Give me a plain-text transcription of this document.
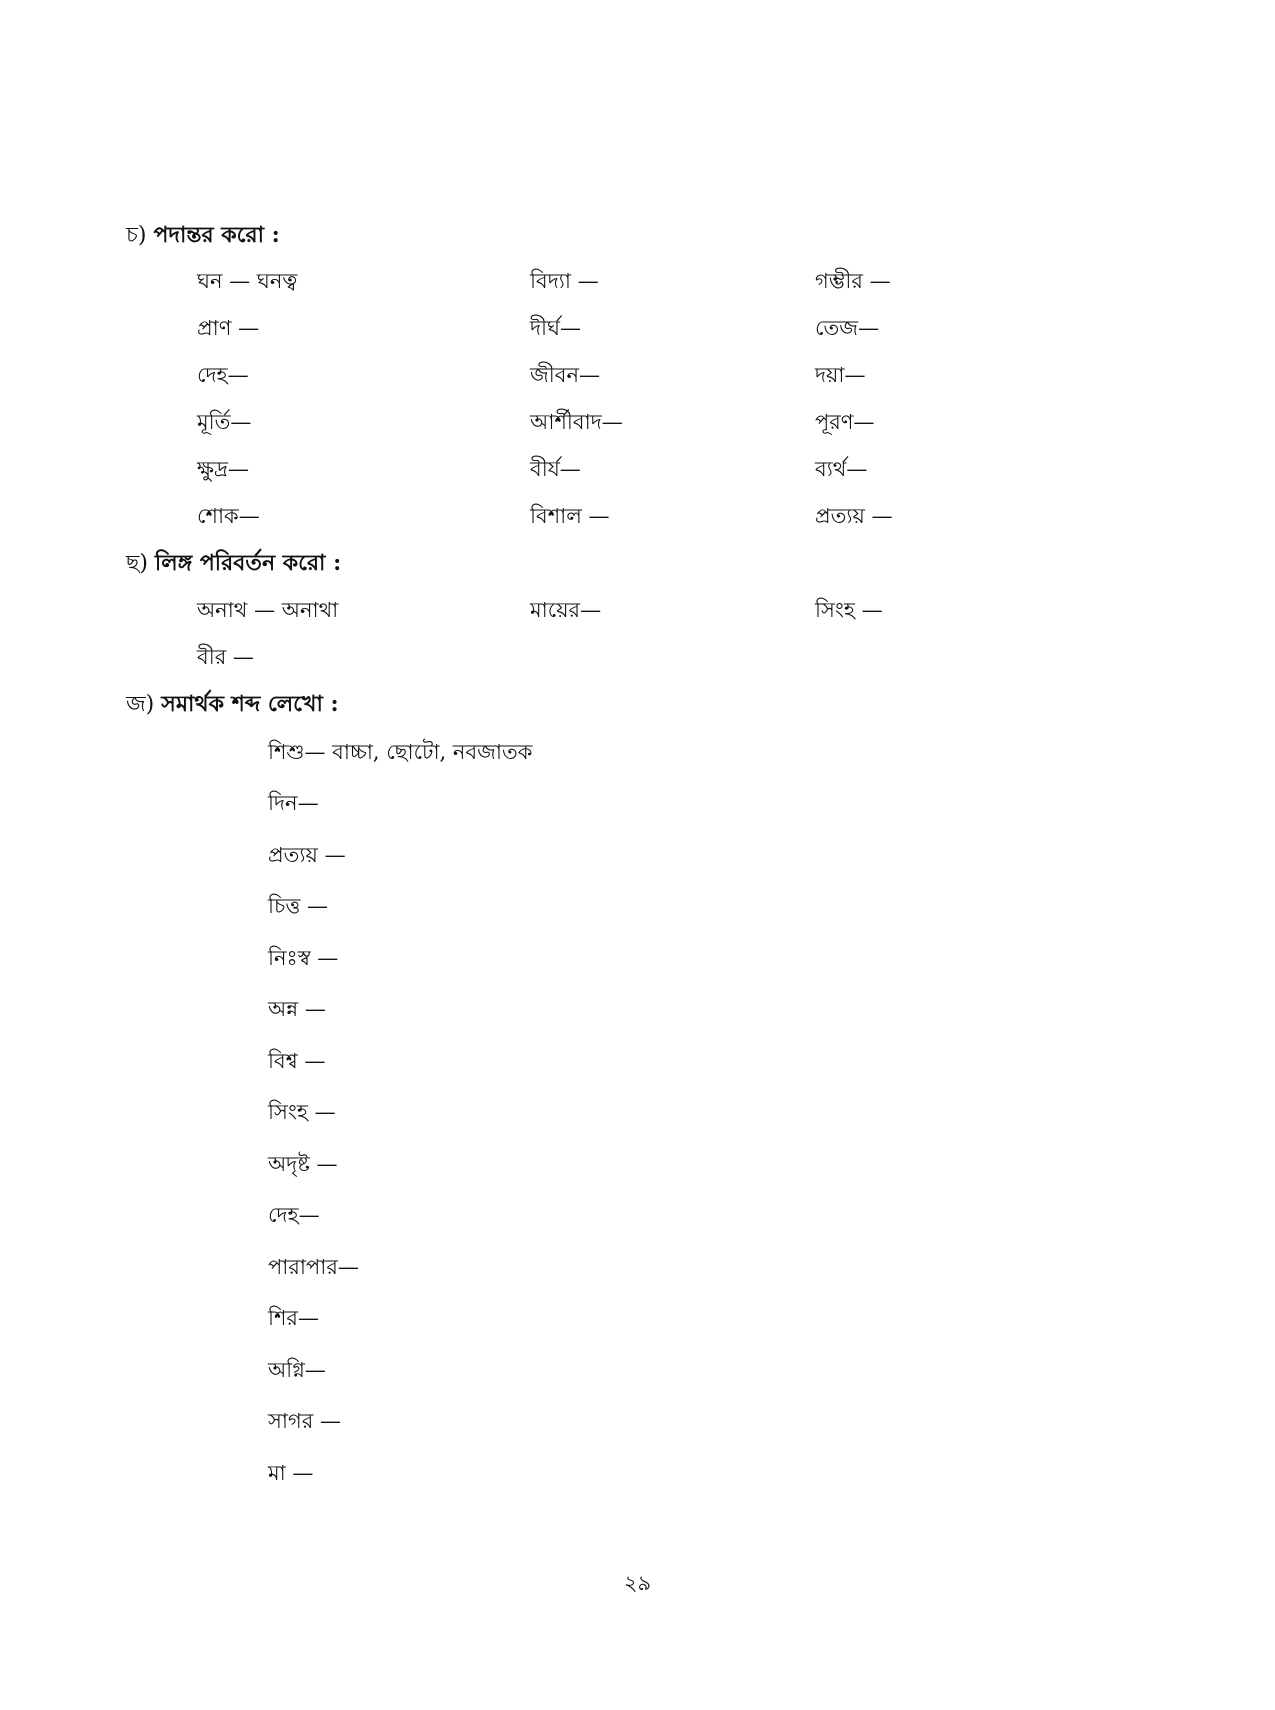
চ) পদান্তর করো :
ঘন — ঘনত্ব	বিদ্যা —	গম্ভীর —
প্রাণ —	দীর্ঘ—	তেজ—
দেহ—	জীবন—	দয়া—
মূর্তি—	আর্শীবাদ—	পূরণ—
ক্ষুদ্র—	বীর্য—	ব্যর্থ—
শোক—	বিশাল —	প্রত্যয় —
ছ) লিঙ্গ পরিবর্তন করো :
অনাথ — অনাথা	মায়ের—	সিংহ —
বীর —
জ) সমার্থক শব্দ লেখো :
শিশু— বাচ্চা, ছোটো, নবজাতক
দিন—
প্রত্যয় —
চিত্ত —
নিঃস্ব —
অন্ন —
বিশ্ব —
সিংহ —
অদৃষ্ট —
দেহ—
পারাপার—
শির—
অগ্নি—
সাগর —
মা —
২৯
